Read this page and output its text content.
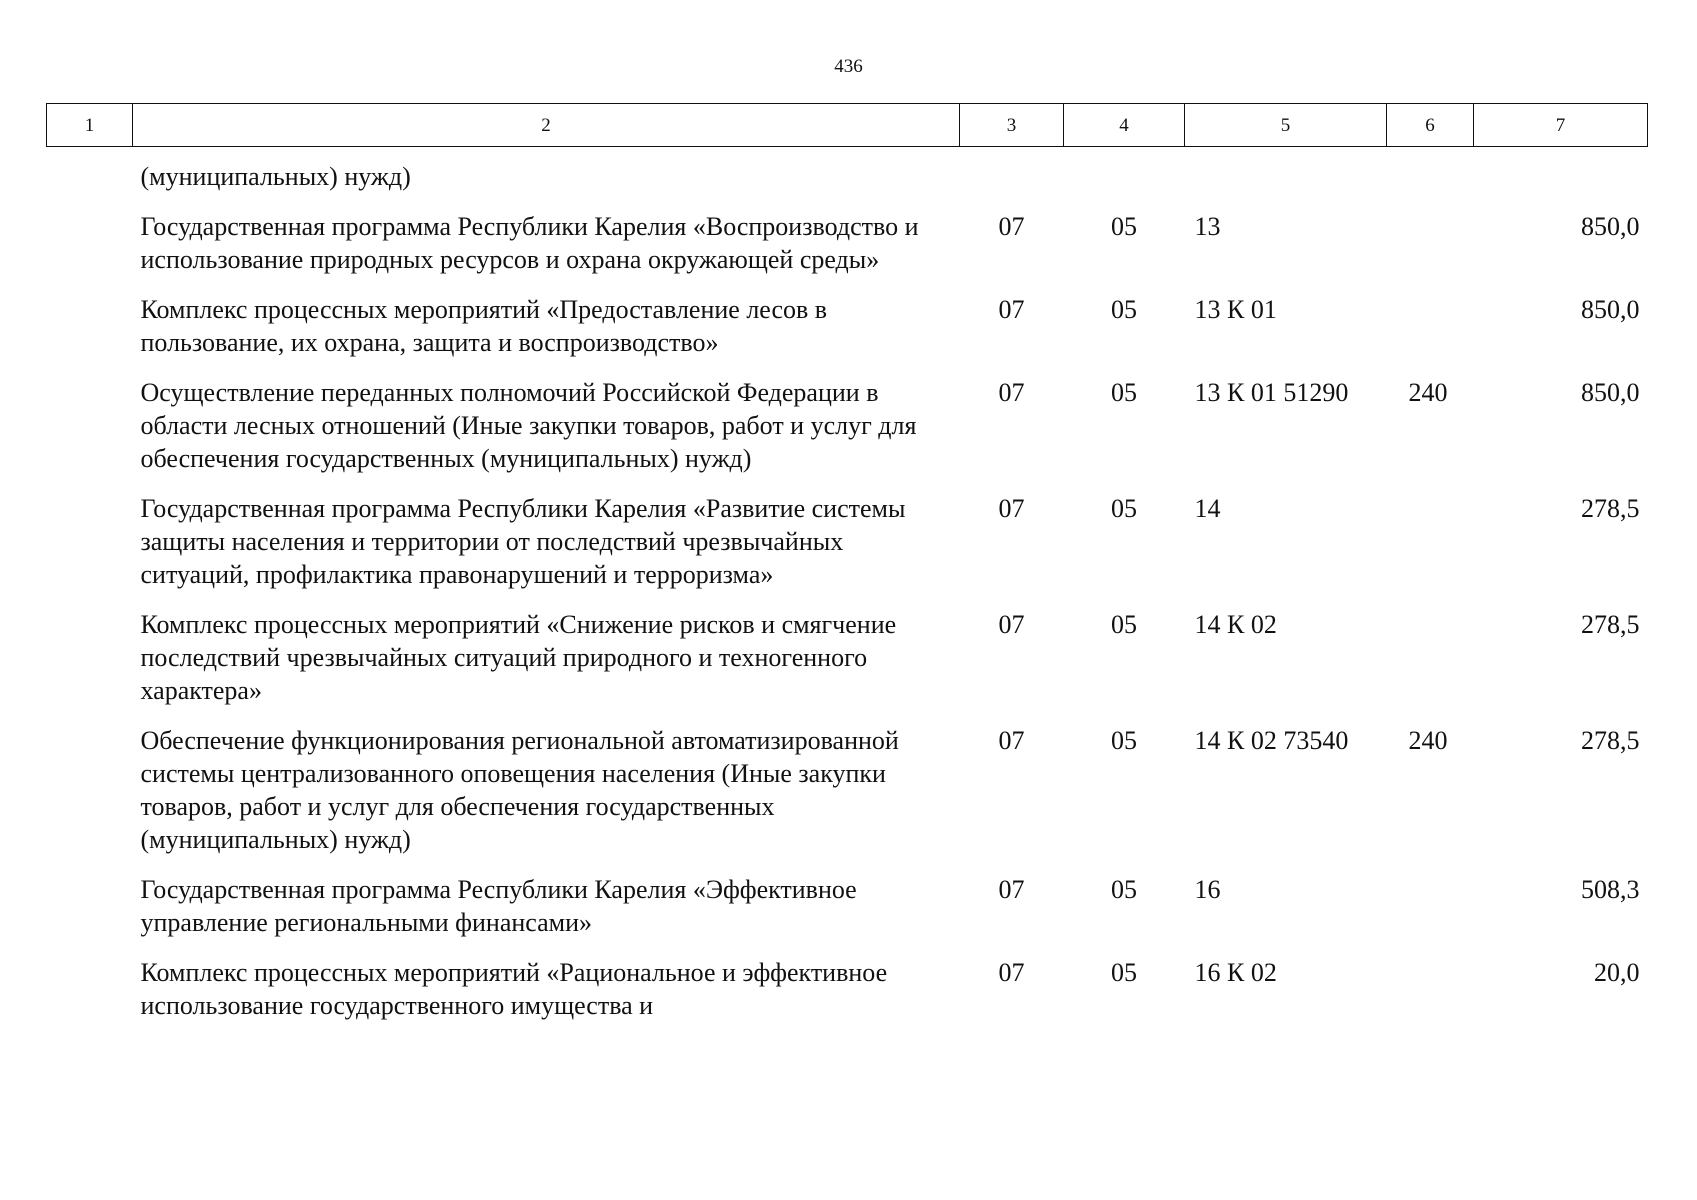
436
1	2	3	4	5	6	7
	(муниципальных) нужд)					
	Государственная программа Республики Карелия «Воспроизводство и использование природных ресурсов и охрана окружающей среды»	07	05	13		850,0
	Комплекс процессных мероприятий «Предоставление лесов в пользование, их охрана, защита и воспроизводство»	07	05	13 К 01		850,0
	Осуществление переданных полномочий Российской Федерации в области лесных отношений (Иные закупки товаров, работ и услуг для обеспечения государственных (муниципальных) нужд)	07	05	13 К 01 51290	240	850,0
	Государственная программа Республики Карелия «Развитие системы защиты населения и территории от последствий чрезвычайных ситуаций, профилактика правонарушений и терроризма»	07	05	14		278,5
	Комплекс процессных мероприятий «Снижение рисков и смягчение последствий чрезвычайных ситуаций природного и техногенного характера»	07	05	14 К 02		278,5
	Обеспечение функционирования региональной автоматизированной системы централизованного оповещения населения (Иные закупки товаров, работ и услуг для обеспечения государственных (муниципальных) нужд)	07	05	14 К 02 73540	240	278,5
	Государственная программа Республики Карелия «Эффективное управление региональными финансами»	07	05	16		508,3
	Комплекс процессных мероприятий «Рациональное и эффективное использование государственного имущества и	07	05	16 К 02		20,0
